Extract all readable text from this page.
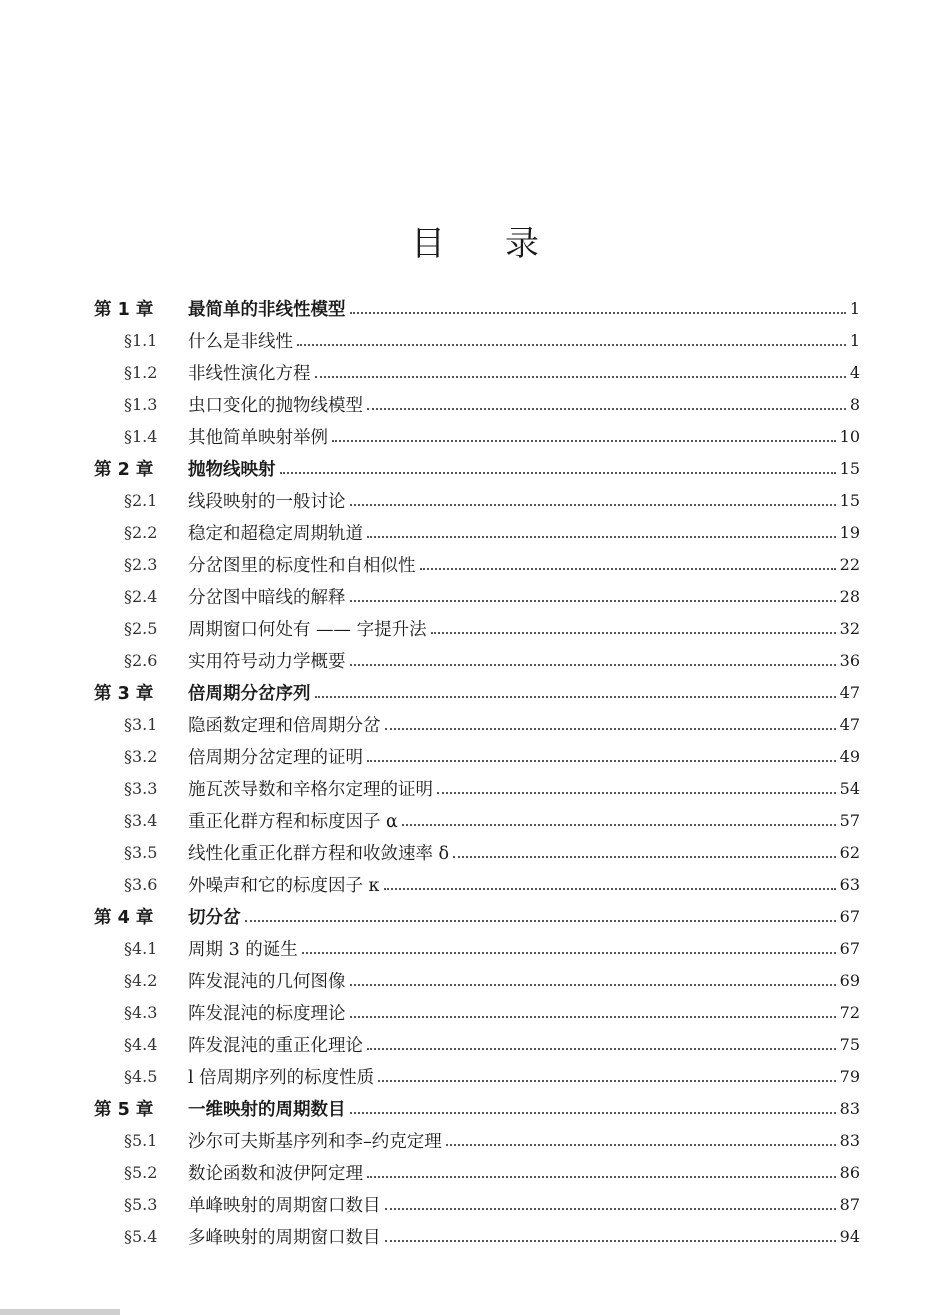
目 录
第 1 章	最简单的非线性模型	1
§1.1	什么是非线性	1
§1.2	非线性演化方程	4
§1.3	虫口变化的抛物线模型	8
§1.4	其他简单映射举例	10
第 2 章	抛物线映射	15
§2.1	线段映射的一般讨论	15
§2.2	稳定和超稳定周期轨道	19
§2.3	分岔图里的标度性和自相似性	22
§2.4	分岔图中暗线的解释	28
§2.5	周期窗口何处有 —— 字提升法	32
§2.6	实用符号动力学概要	36
第 3 章	倍周期分岔序列	47
§3.1	隐函数定理和倍周期分岔	47
§3.2	倍周期分岔定理的证明	49
§3.3	施瓦茨导数和辛格尔定理的证明	54
§3.4	重正化群方程和标度因子 α	57
§3.5	线性化重正化群方程和收敛速率 δ	62
§3.6	外噪声和它的标度因子 κ	63
第 4 章	切分岔	67
§4.1	周期 3 的诞生	67
§4.2	阵发混沌的几何图像	69
§4.3	阵发混沌的标度理论	72
§4.4	阵发混沌的重正化理论	75
§4.5	l 倍周期序列的标度性质	79
第 5 章	一维映射的周期数目	83
§5.1	沙尔可夫斯基序列和李–约克定理	83
§5.2	数论函数和波伊阿定理	86
§5.3	单峰映射的周期窗口数目	87
§5.4	多峰映射的周期窗口数目	94
